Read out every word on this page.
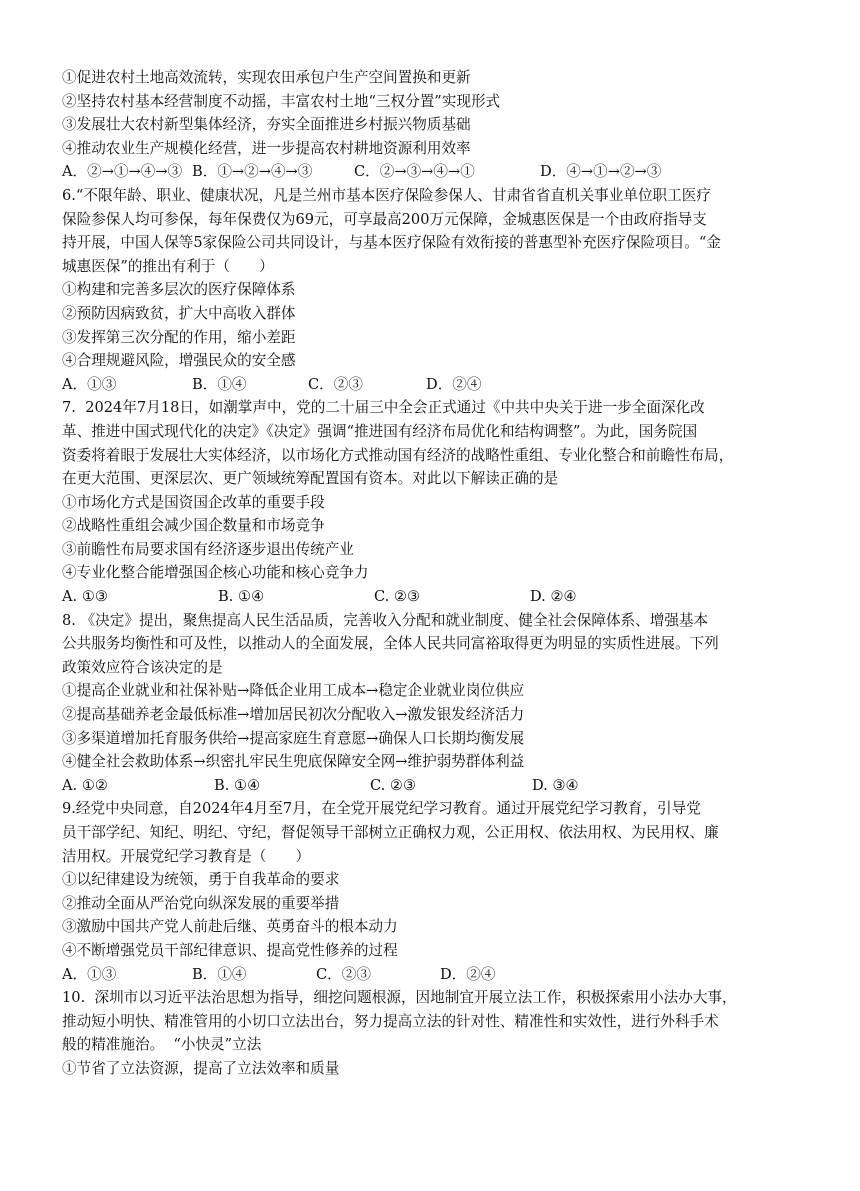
①促进农村土地高效流转，实现农田承包户生产空间置换和更新
②坚持农村基本经营制度不动摇，丰富农村土地“三权分置”实现形式
③发展壮大农村新型集体经济，夯实全面推进乡村振兴物质基础
④推动农业生产规模化经营，进一步提高农村耕地资源利用效率
A．②→①→④→③ B．①→②→④→③	C．②→③→④→①	D．④→①→②→③
6.“不限年龄、职业、健康状况，凡是兰州市基本医疗保险参保人、甘肃省省直机关事业单位职工医疗
保险参保人均可参保，每年保费仅为69元，可享最高200万元保障，金城惠医保是一个由政府指导支
持开展，中国人保等5家保险公司共同设计，与基本医疗保险有效衔接的普惠型补充医疗保险项目。“金
城惠医保”的推出有利于（　　）
①构建和完善多层次的医疗保障体系
②预防因病致贫，扩大中高收入群体
③发挥第三次分配的作用，缩小差距
④合理规避风险，增强民众的安全感
A．①③	B．①④	C．②③	D．②④
7.  2024年7月18日，如潮掌声中，党的二十届三中全会正式通过《中共中央关于进一步全面深化改
革、推进中国式现代化的决定》《决定》强调“推进国有经济布局优化和结构调整”。为此，国务院国
资委将着眼于发展壮大实体经济，以市场化方式推动国有经济的战略性重组、专业化整合和前瞻性布局，
在更大范围、更深层次、更广领域统筹配置国有资本。对此以下解读正确的是
①市场化方式是国资国企改革的重要手段
②战略性重组会减少国企数量和市场竞争
③前瞻性布局要求国有经济逐步退出传统产业
④专业化整合能增强国企核心功能和核心竞争力
A. ①③	B. ①④	C. ②③	D. ②④
8. 《决定》提出，聚焦提高人民生活品质，完善收入分配和就业制度、健全社会保障体系、增强基本
公共服务均衡性和可及性，以推动人的全面发展，全体人民共同富裕取得更为明显的实质性进展。下列
政策效应符合该决定的是
①提高企业就业和社保补贴→降低企业用工成本→稳定企业就业岗位供应
②提高基础养老金最低标准→增加居民初次分配收入→激发银发经济活力
③多渠道增加托育服务供给→提高家庭生育意愿→确保人口长期均衡发展
④健全社会救助体系→织密扎牢民生兜底保障安全网→维护弱势群体利益
A. ①②	B. ①④	C. ②③	D. ③④
9.经党中央同意，自2024年4月至7月，在全党开展党纪学习教育。通过开展党纪学习教育，引导党
员干部学纪、知纪、明纪、守纪，督促领导干部树立正确权力观，公正用权、依法用权、为民用权、廉
洁用权。开展党纪学习教育是（　　）
①以纪律建设为统领，勇于自我革命的要求
②推动全面从严治党向纵深发展的重要举措
③激励中国共产党人前赴后继、英勇奋斗的根本动力
④不断增强党员干部纪律意识、提高党性修养的过程
A．①③	B．①④	C．②③	D．②④
10.  深圳市以习近平法治思想为指导，细挖问题根源，因地制宜开展立法工作，积极探索用小法办大事，
推动短小明快、精准管用的小切口立法出台，努力提高立法的针对性、精准性和实效性，进行外科手术
般的精准施治。  “小快灵”立法
①节省了立法资源，提高了立法效率和质量
